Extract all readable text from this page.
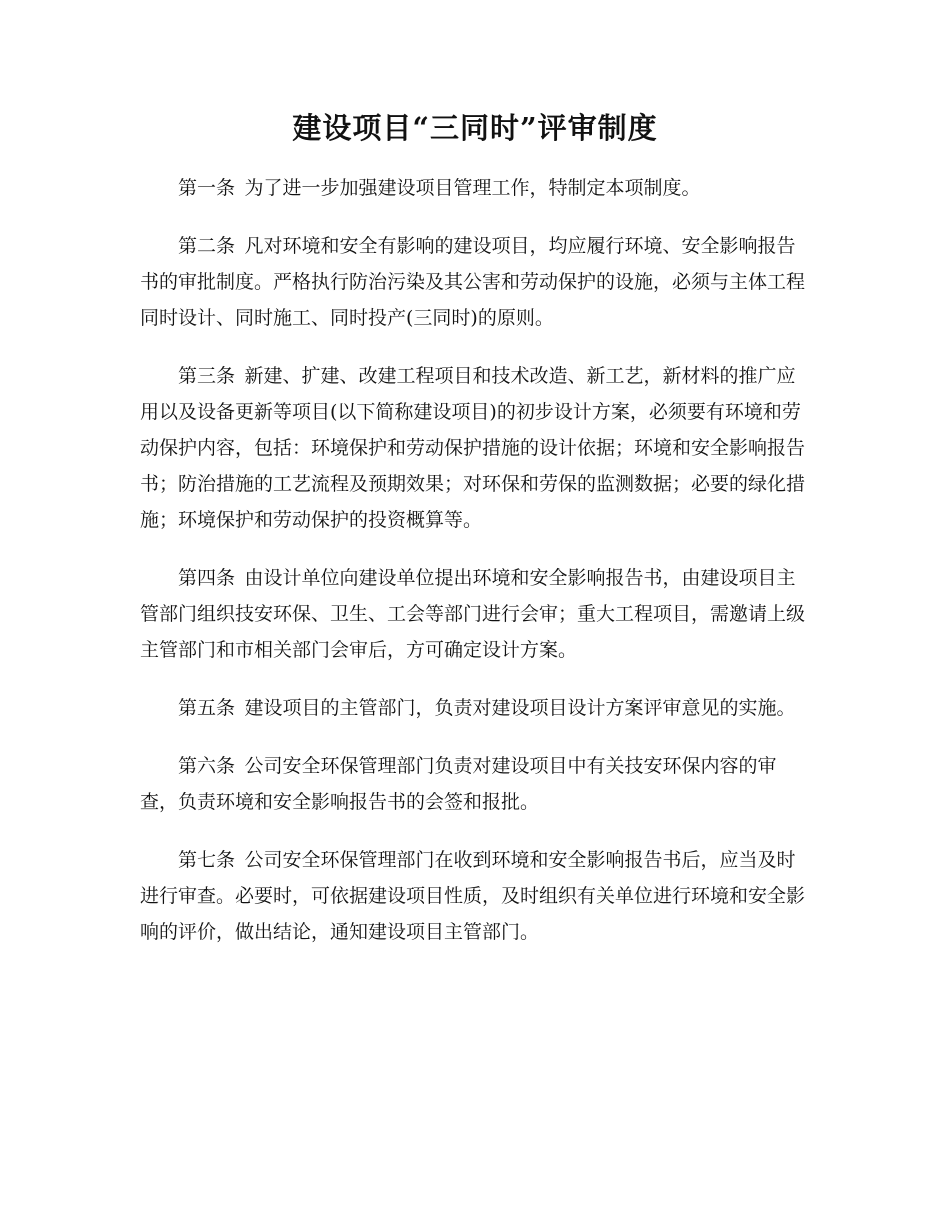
建设项目“三同时”评审制度

第一条 为了进一步加强建设项目管理工作，特制定本项制度。

第二条 凡对环境和安全有影响的建设项目，均应履行环境、安全影响报告书的审批制度。严格执行防治污染及其公害和劳动保护的设施，必须与主体工程同时设计、同时施工、同时投产(三同时)的原则。

第三条 新建、扩建、改建工程项目和技术改造、新工艺，新材料的推广应用以及设备更新等项目(以下简称建设项目)的初步设计方案，必须要有环境和劳动保护内容，包括：环境保护和劳动保护措施的设计依据；环境和安全影响报告书；防治措施的工艺流程及预期效果；对环保和劳保的监测数据；必要的绿化措施；环境保护和劳动保护的投资概算等。

第四条 由设计单位向建设单位提出环境和安全影响报告书，由建设项目主管部门组织技安环保、卫生、工会等部门进行会审；重大工程项目，需邀请上级主管部门和市相关部门会审后，方可确定设计方案。

第五条 建设项目的主管部门，负责对建设项目设计方案评审意见的实施。

第六条 公司安全环保管理部门负责对建设项目中有关技安环保内容的审查，负责环境和安全影响报告书的会签和报批。

第七条 公司安全环保管理部门在收到环境和安全影响报告书后，应当及时进行审查。必要时，可依据建设项目性质，及时组织有关单位进行环境和安全影响的评价，做出结论，通知建设项目主管部门。
